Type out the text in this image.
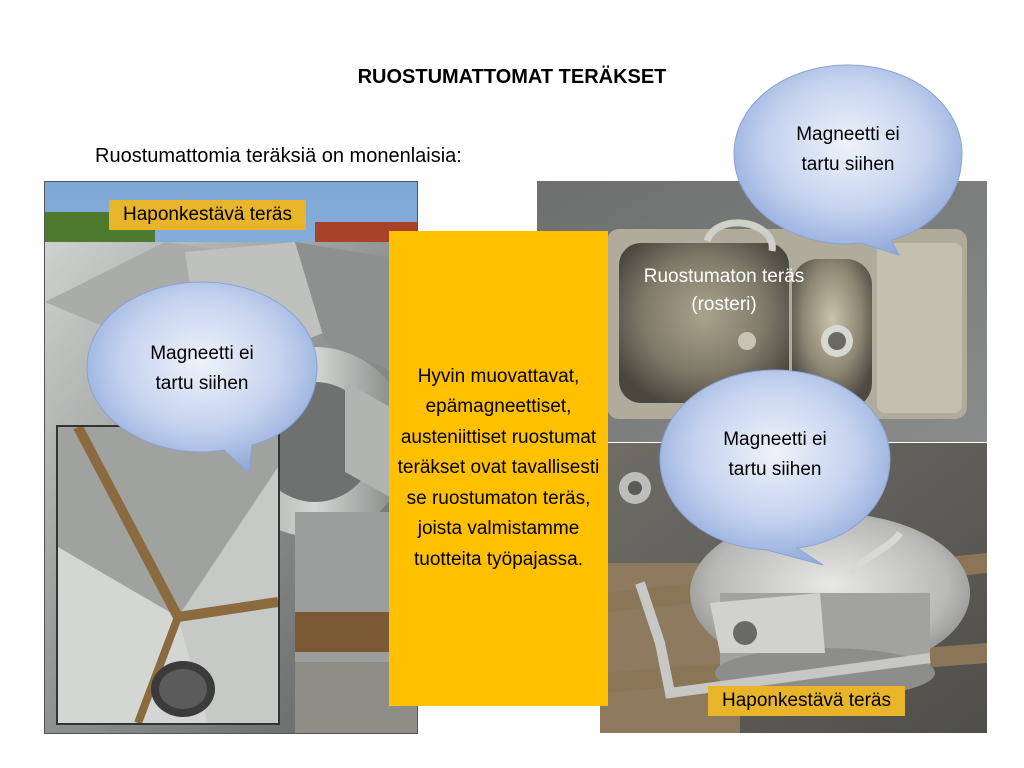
RUOSTUMATTOMAT TERÄKSET
Ruostumattomia teräksiä on monenlaisia:
Haponkestävä teräs
Haponkestävä teräs
Hyvin muovattavat, epämagneettiset, austeniittiset ruostumat teräkset ovat tavallisesti se ruostumaton teräs, joista valmistamme tuotteita työpajassa.
Ruostumaton teräs
(rosteri)
Magneetti ei
tartu siihen
Magneetti ei
tartu siihen
Magneetti ei
tartu siihen
